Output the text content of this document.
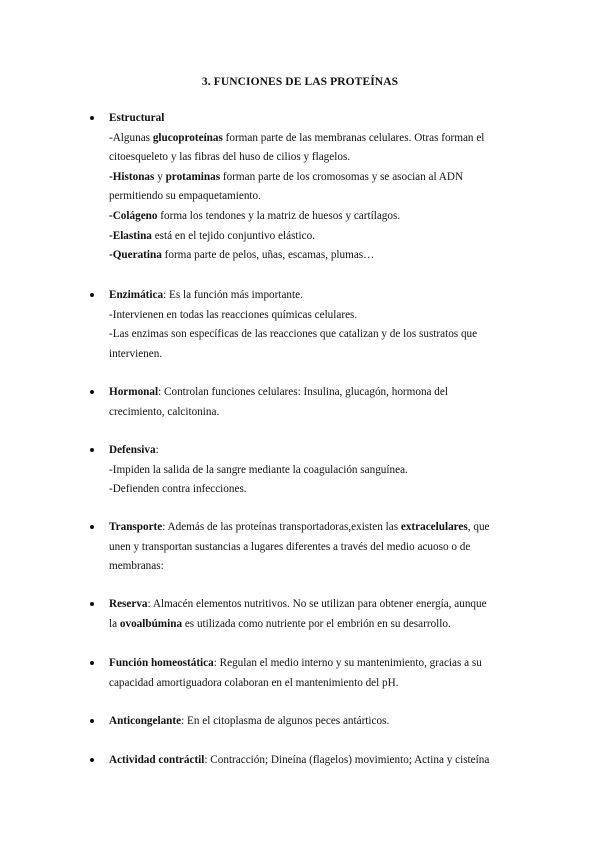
3. FUNCIONES DE LAS PROTEÍNAS
Estructural
-Algunas glucoproteínas forman parte de las membranas celulares. Otras forman el
citoesqueleto y las fibras del huso de cilios y flagelos.
-Histonas y protaminas forman parte de los cromosomas y se asocian al ADN
permitiendo su empaquetamiento.
-Colágeno forma los tendones y la matriz de huesos y cartílagos.
-Elastina está en el tejido conjuntivo elástico.
-Queratina forma parte de pelos, uñas, escamas, plumas…
Enzimática: Es la función más importante.
-Intervienen en todas las reacciones químicas celulares.
-Las enzimas son específicas de las reacciones que catalizan y de los sustratos que
intervienen.
Hormonal: Controlan funciones celulares: Insulina, glucagón, hormona del
crecimiento, calcitonina.
Defensiva:
-Impiden la salida de la sangre mediante la coagulación sanguínea.
-Defienden contra infecciones.
Transporte: Además de las proteínas transportadoras,existen las extracelulares, que
unen y transportan sustancias a lugares diferentes a través del medio acuoso o de
membranas:
Reserva: Almacén elementos nutritivos. No se utilizan para obtener energía, aunque
la ovoalbúmina es utilizada como nutriente por el embrión en su desarrollo.
Función homeostática: Regulan el medio interno y su mantenimiento, gracias a su
capacidad amortiguadora colaboran en el mantenimiento del pH.
Anticongelante: En el citoplasma de algunos peces antárticos.
Actividad contráctil: Contracción; Dineína (flagelos) movimiento; Actina y cisteína
